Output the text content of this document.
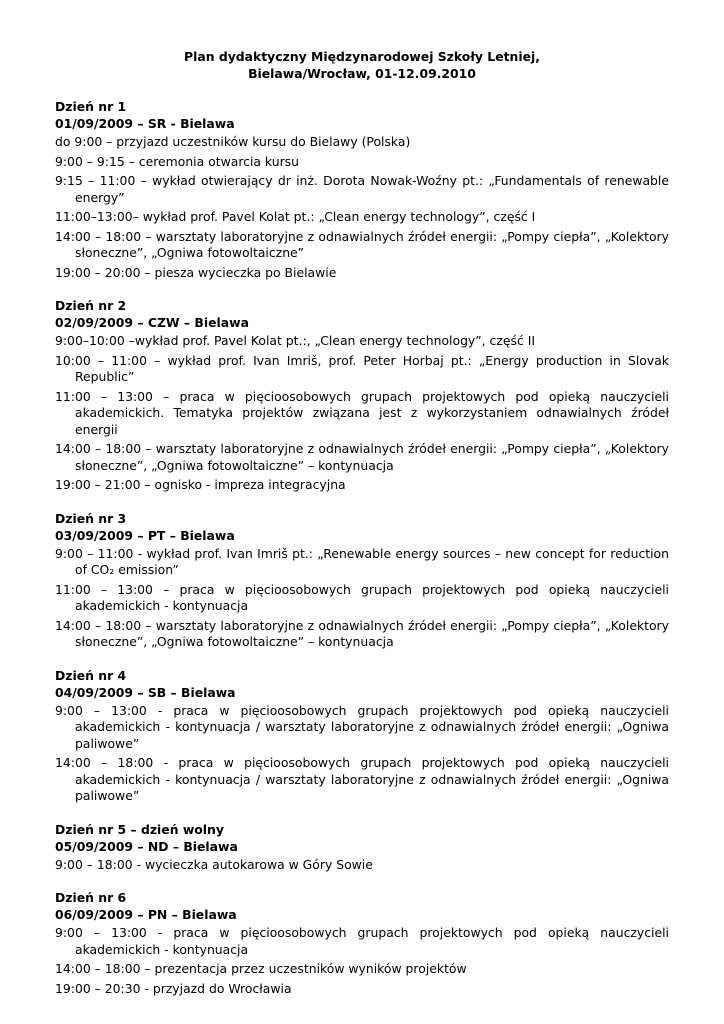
Plan dydaktyczny Międzynarodowej Szkoły Letniej,
Bielawa/Wrocław, 01-12.09.2010
Dzień nr 1
01/09/2009 – SR - Bielawa
do 9:00 – przyjazd uczestników kursu do Bielawy (Polska)
9:00 – 9:15 – ceremonia otwarcia kursu
9:15 – 11:00 – wykład otwierający dr inż. Dorota Nowak-Woźny pt.: „Fundamentals of renewable energy”
11:00–13:00– wykład prof. Pavel Kolat pt.: „Clean energy technology”, część I
14:00 – 18:00 – warsztaty laboratoryjne z odnawialnych źródeł energii: „Pompy ciepła”, „Kolektory słoneczne”, „Ogniwa fotowoltaiczne”
19:00 – 20:00 – piesza wycieczka po Bielawie
Dzień nr 2
02/09/2009 – CZW – Bielawa
9:00–10:00 –wykład prof. Pavel Kolat pt.:, „Clean energy technology”, część II
10:00 – 11:00 – wykład prof. Ivan Imriš, prof. Peter Horbaj pt.: „Energy production in Slovak Republic”
11:00 – 13:00 – praca w pięcioosobowych grupach projektowych pod opieką nauczycieli akademickich. Tematyka projektów związana jest z wykorzystaniem odnawialnych źródeł energii
14:00 – 18:00 – warsztaty laboratoryjne z odnawialnych źródeł energii: „Pompy ciepła”, „Kolektory słoneczne”, „Ogniwa fotowoltaiczne” – kontynuacja
19:00 – 21:00 – ognisko - impreza integracyjna
Dzień nr 3
03/09/2009 – PT – Bielawa
9:00 – 11:00 - wykład prof. Ivan Imriš pt.: „Renewable energy sources – new concept for reduction of CO₂ emission”
11:00 – 13:00 – praca w pięcioosobowych grupach projektowych pod opieką nauczycieli akademickich - kontynuacja
14:00 – 18:00 – warsztaty laboratoryjne z odnawialnych źródeł energii: „Pompy ciepła”, „Kolektory słoneczne”, „Ogniwa fotowoltaiczne” – kontynuacja
Dzień nr 4
04/09/2009 – SB – Bielawa
9:00 – 13:00 - praca w pięcioosobowych grupach projektowych pod opieką nauczycieli akademickich - kontynuacja / warsztaty laboratoryjne z odnawialnych źródeł energii: „Ogniwa paliwowe”
14:00 – 18:00 - praca w pięcioosobowych grupach projektowych pod opieką nauczycieli akademickich - kontynuacja / warsztaty laboratoryjne z odnawialnych źródeł energii: „Ogniwa paliwowe”
Dzień nr 5 – dzień wolny
05/09/2009 – ND – Bielawa
9:00 – 18:00 - wycieczka autokarowa w Góry Sowie
Dzień nr 6
06/09/2009 – PN – Bielawa
9:00 – 13:00 - praca w pięcioosobowych grupach projektowych pod opieką nauczycieli akademickich - kontynuacja
14:00 – 18:00 – prezentacja przez uczestników wyników projektów
19:00 – 20:30 - przyjazd do Wrocławia
